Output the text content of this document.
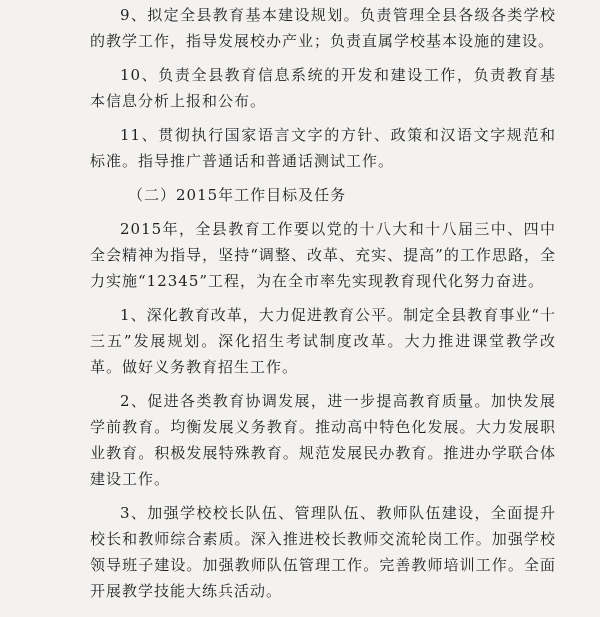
9、拟定全县教育基本建设规划。负责管理全县各级各类学校的教学工作，指导发展校办产业；负责直属学校基本设施的建设。

10、负责全县教育信息系统的开发和建设工作，负责教育基本信息分析上报和公布。

11、贯彻执行国家语言文字的方针、政策和汉语文字规范和标准。指导推广普通话和普通话测试工作。

（二）2015年工作目标及任务

2015年，全县教育工作要以党的十八大和十八届三中、四中全会精神为指导，坚持“调整、改革、充实、提高”的工作思路，全力实施“12345”工程，为在全市率先实现教育现代化努力奋进。

1、深化教育改革，大力促进教育公平。制定全县教育事业“十三五”发展规划。深化招生考试制度改革。大力推进课堂教学改革。做好义务教育招生工作。

2、促进各类教育协调发展，进一步提高教育质量。加快发展学前教育。均衡发展义务教育。推动高中特色化发展。大力发展职业教育。积极发展特殊教育。规范发展民办教育。推进办学联合体建设工作。

3、加强学校校长队伍、管理队伍、教师队伍建设，全面提升校长和教师综合素质。深入推进校长教师交流轮岗工作。加强学校领导班子建设。加强教师队伍管理工作。完善教师培训工作。全面开展教学技能大练兵活动。
